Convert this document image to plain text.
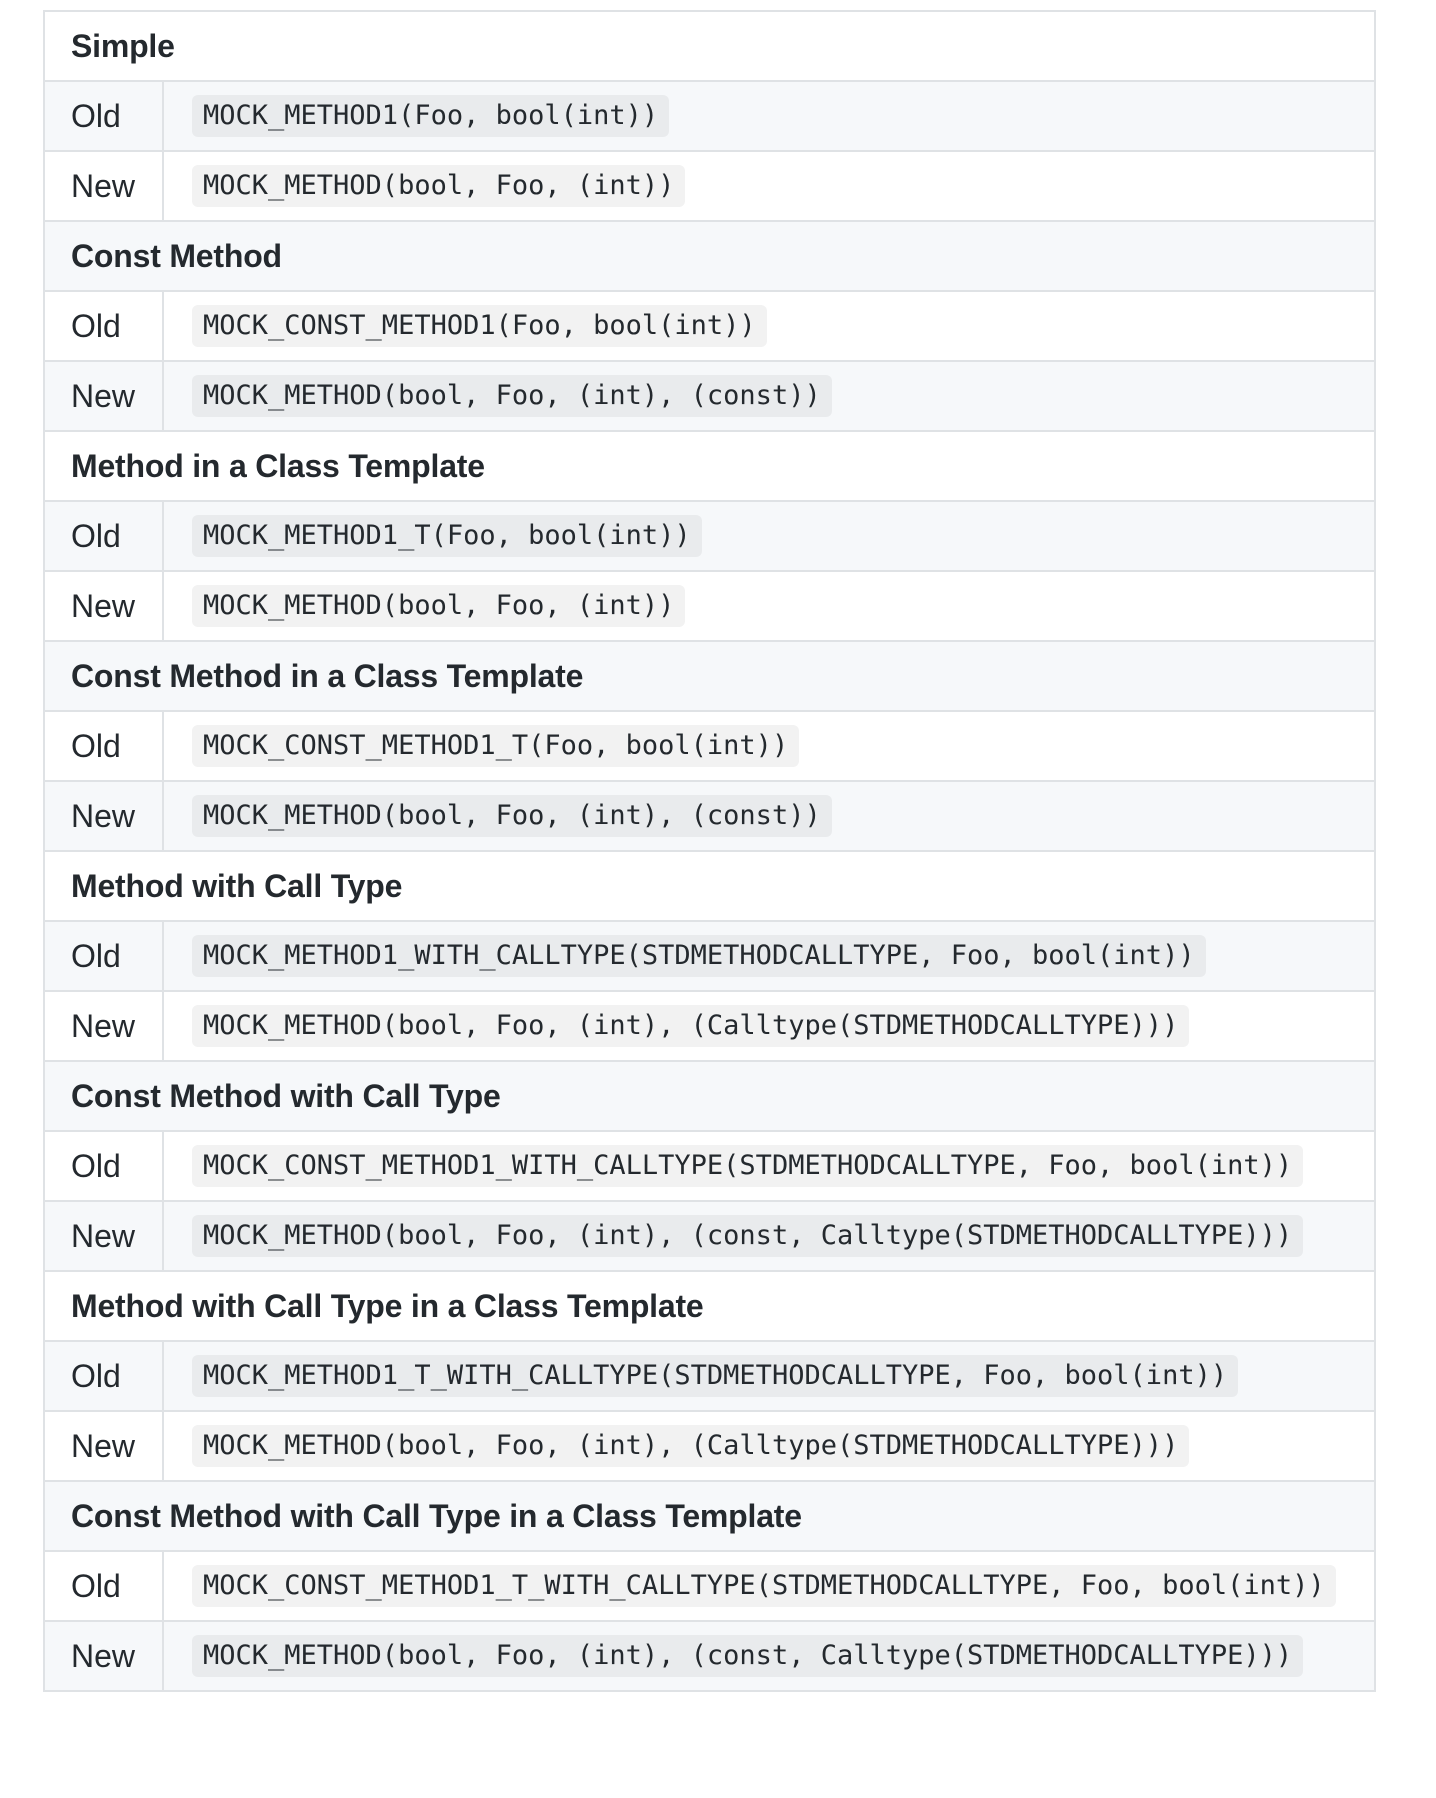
Simple	
Old	MOCK_METHOD1(Foo, bool(int))
New	MOCK_METHOD(bool, Foo, (int))
Const Method	
Old	MOCK_CONST_METHOD1(Foo, bool(int))
New	MOCK_METHOD(bool, Foo, (int), (const))
Method in a Class Template	
Old	MOCK_METHOD1_T(Foo, bool(int))
New	MOCK_METHOD(bool, Foo, (int))
Const Method in a Class Template	
Old	MOCK_CONST_METHOD1_T(Foo, bool(int))
New	MOCK_METHOD(bool, Foo, (int), (const))
Method with Call Type	
Old	MOCK_METHOD1_WITH_CALLTYPE(STDMETHODCALLTYPE, Foo, bool(int))
New	MOCK_METHOD(bool, Foo, (int), (Calltype(STDMETHODCALLTYPE)))
Const Method with Call Type	
Old	MOCK_CONST_METHOD1_WITH_CALLTYPE(STDMETHODCALLTYPE, Foo, bool(int))
New	MOCK_METHOD(bool, Foo, (int), (const, Calltype(STDMETHODCALLTYPE)))
Method with Call Type in a Class Template	
Old	MOCK_METHOD1_T_WITH_CALLTYPE(STDMETHODCALLTYPE, Foo, bool(int))
New	MOCK_METHOD(bool, Foo, (int), (Calltype(STDMETHODCALLTYPE)))
Const Method with Call Type in a Class Template	
Old	MOCK_CONST_METHOD1_T_WITH_CALLTYPE(STDMETHODCALLTYPE, Foo, bool(int))
New	MOCK_METHOD(bool, Foo, (int), (const, Calltype(STDMETHODCALLTYPE)))
